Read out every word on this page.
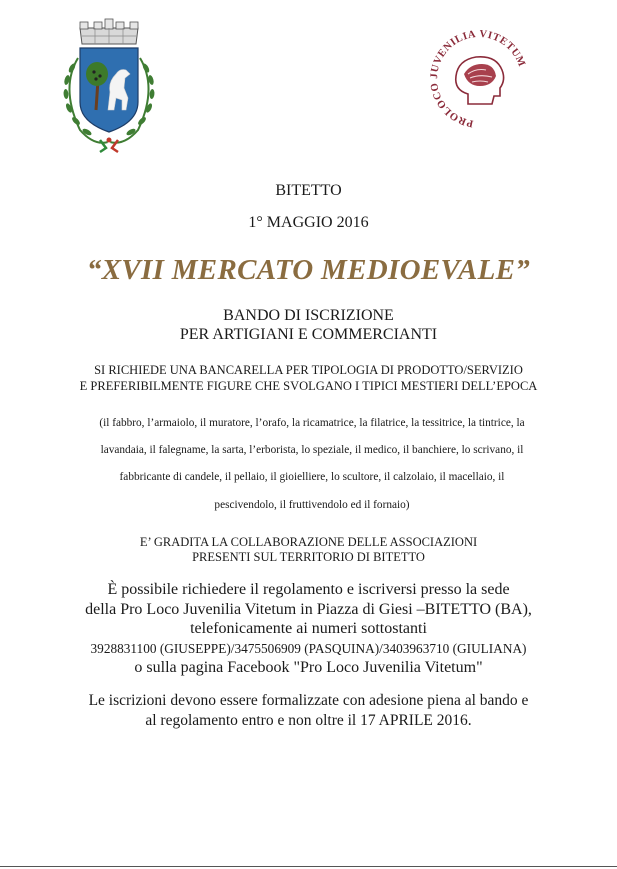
PROLOCO JUVENILIA VITETUM
BITETTO
1° MAGGIO 2016
“XVII MERCATO MEDIOEVALE”
BANDO DI ISCRIZIONE
PER ARTIGIANI E COMMERCIANTI
SI RICHIEDE UNA BANCARELLA PER TIPOLOGIA DI PRODOTTO/SERVIZIO
E PREFERIBILMENTE FIGURE CHE SVOLGANO I TIPICI MESTIERI DELL’EPOCA
(il fabbro, l’armaiolo, il muratore, l’orafo, la ricamatrice, la filatrice, la tessitrice, la tintrice, la
lavandaia, il falegname, la sarta, l’erborista, lo speziale, il medico, il banchiere, lo scrivano, il
fabbricante di candele, il pellaio, il gioielliere, lo scultore, il calzolaio, il macellaio, il
pescivendolo, il fruttivendolo ed il fornaio)
E’ GRADITA LA COLLABORAZIONE DELLE ASSOCIAZIONI
PRESENTI SUL TERRITORIO DI BITETTO
È possibile richiedere il regolamento e iscriversi presso la sede
della Pro Loco Juvenilia Vitetum in Piazza di Giesi –BITETTO (BA),
telefonicamente ai numeri sottostanti
3928831100 (GIUSEPPE)/3475506909 (PASQUINA)/3403963710 (GIULIANA)
o sulla pagina Facebook "Pro Loco Juvenilia Vitetum"
Le iscrizioni devono essere formalizzate con adesione piena al bando e
al regolamento entro e non oltre il 17 APRILE 2016.
